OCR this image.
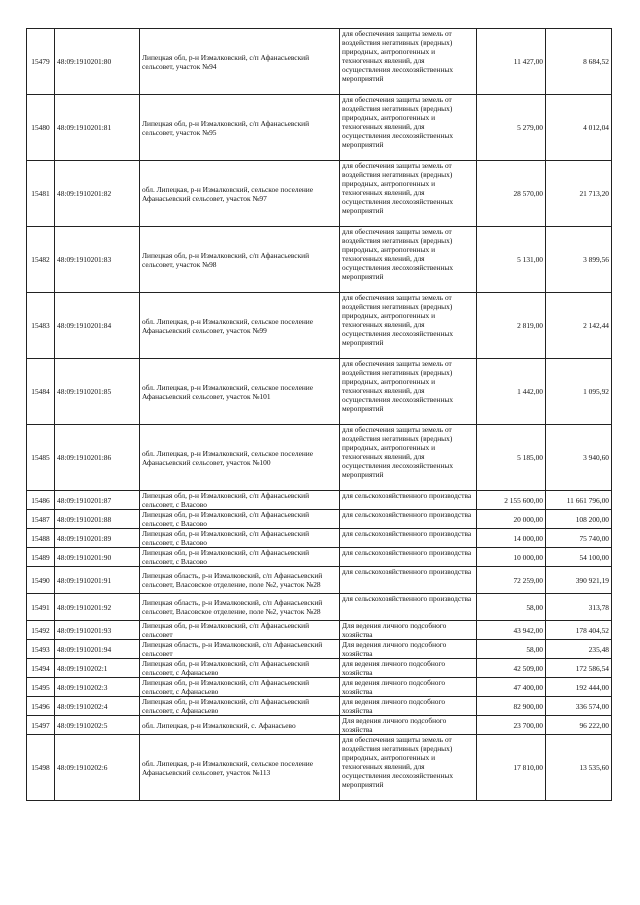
15479	48:09:1910201:80	Липецкая обл, р-н Измалковский, с/п Афанасьевский сельсовет, участок №94	для обеспечения защиты земель от воздействия негативных (вредных) природных, антропогенных и техногенных явлений, для осуществления лесохозяйственных мероприятий	11 427,00	8 684,52
15480	48:09:1910201:81	Липецкая обл, р-н Измалковский, с/п Афанасьевский сельсовет, участок №95	для обеспечения защиты земель от воздействия негативных (вредных) природных, антропогенных и техногенных явлений, для осуществления лесохозяйственных мероприятий	5 279,00	4 012,04
15481	48:09:1910201:82	обл. Липецкая, р-н Измалковский, сельское поселение Афанасьевский сельсовет, участок №97	для обеспечения защиты земель от воздействия негативных (вредных) природных, антропогенных и техногенных явлений, для осуществления лесохозяйственных мероприятий	28 570,00	21 713,20
15482	48:09:1910201:83	Липецкая обл, р-н Измалковский, с/п Афанасьевский сельсовет, участок №98	для обеспечения защиты земель от воздействия негативных (вредных) природных, антропогенных и техногенных явлений, для осуществления лесохозяйственных мероприятий	5 131,00	3 899,56
15483	48:09:1910201:84	обл. Липецкая, р-н Измалковский, сельское поселение Афанасьевский сельсовет, участок №99	для обеспечения защиты земель от воздействия негативных (вредных) природных, антропогенных и техногенных явлений, для осуществления лесохозяйственных мероприятий	2 819,00	2 142,44
15484	48:09:1910201:85	обл. Липецкая, р-н Измалковский, сельское поселение Афанасьевский сельсовет, участок №101	для обеспечения защиты земель от воздействия негативных (вредных) природных, антропогенных и техногенных явлений, для осуществления лесохозяйственных мероприятий	1 442,00	1 095,92
15485	48:09:1910201:86	обл. Липецкая, р-н Измалковский, сельское поселение Афанасьевский сельсовет, участок №100	для обеспечения защиты земель от воздействия негативных (вредных) природных, антропогенных и техногенных явлений, для осуществления лесохозяйственных мероприятий	5 185,00	3 940,60
15486	48:09:1910201:87	Липецкая обл, р-н Измалковский, с/п Афанасьевский сельсовет, с Власово	для сельскохозяйственного производства	2 155 600,00	11 661 796,00
15487	48:09:1910201:88	Липецкая обл, р-н Измалковский, с/п Афанасьевский сельсовет, с Власово	для сельскохозяйственного производства	20 000,00	108 200,00
15488	48:09:1910201:89	Липецкая обл, р-н Измалковский, с/п Афанасьевский сельсовет, с Власово	для сельскохозяйственного производства	14 000,00	75 740,00
15489	48:09:1910201:90	Липецкая обл, р-н Измалковский, с/п Афанасьевский сельсовет, с Власово	для сельскохозяйственного производства	10 000,00	54 100,00
15490	48:09:1910201:91	Липецкая область, р-н Измалковский, с/п Афанасьевский сельсовет, Власовское отделение, поле №2, участок №28	для сельскохозяйственного производства	72 259,00	390 921,19
15491	48:09:1910201:92	Липецкая область, р-н Измалковский, с/п Афанасьевский сельсовет, Власовское отделение, поле №2, участок №28	для сельскохозяйственного производства	58,00	313,78
15492	48:09:1910201:93	Липецкая обл, р-н Измалковский, с/п Афанасьевский сельсовет	Для ведения личного подсобного хозяйства	43 942,00	178 404,52
15493	48:09:1910201:94	Липецкая область, р-н Измалковский, с/п Афанасьевский сельсовет	Для ведения личного подсобного хозяйства	58,00	235,48
15494	48:09:1910202:1	Липецкая обл, р-н Измалковский, с/п Афанасьевский сельсовет, с Афанасьево	для ведения личного подсобного хозяйства	42 509,00	172 586,54
15495	48:09:1910202:3	Липецкая обл, р-н Измалковский, с/п Афанасьевский сельсовет, с Афанасьево	для ведения личного подсобного хозяйства	47 400,00	192 444,00
15496	48:09:1910202:4	Липецкая обл, р-н Измалковский, с/п Афанасьевский сельсовет, с Афанасьево	для ведения личного подсобного хозяйства	82 900,00	336 574,00
15497	48:09:1910202:5	обл. Липецкая, р-н Измалковский, с. Афанасьево	Для ведения личного подсобного хозяйства	23 700,00	96 222,00
15498	48:09:1910202:6	обл. Липецкая, р-н Измалковский, сельское поселение Афанасьевский сельсовет, участок №113	для обеспечения защиты земель от воздействия негативных (вредных) природных, антропогенных и техногенных явлений, для осуществления лесохозяйственных мероприятий	17 810,00	13 535,60
